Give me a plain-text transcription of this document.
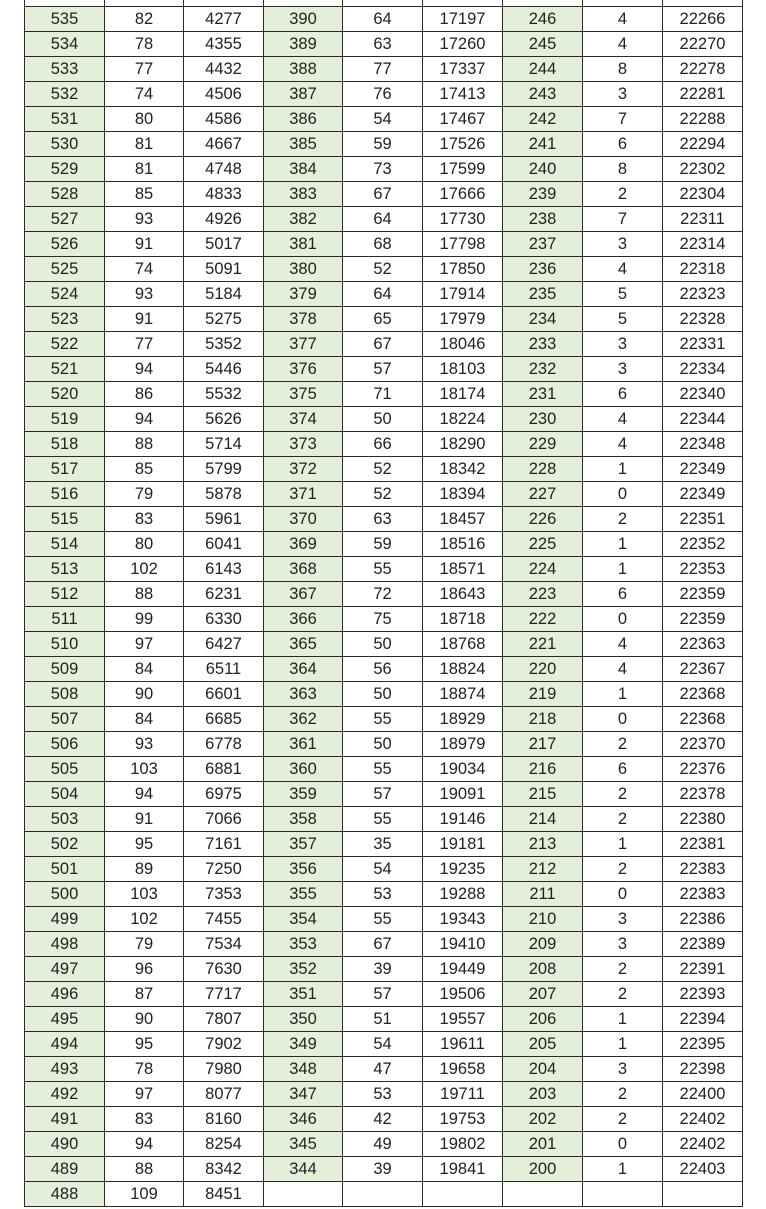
535	82	4277	390	64	17197	246	4	22266
534	78	4355	389	63	17260	245	4	22270
533	77	4432	388	77	17337	244	8	22278
532	74	4506	387	76	17413	243	3	22281
531	80	4586	386	54	17467	242	7	22288
530	81	4667	385	59	17526	241	6	22294
529	81	4748	384	73	17599	240	8	22302
528	85	4833	383	67	17666	239	2	22304
527	93	4926	382	64	17730	238	7	22311
526	91	5017	381	68	17798	237	3	22314
525	74	5091	380	52	17850	236	4	22318
524	93	5184	379	64	17914	235	5	22323
523	91	5275	378	65	17979	234	5	22328
522	77	5352	377	67	18046	233	3	22331
521	94	5446	376	57	18103	232	3	22334
520	86	5532	375	71	18174	231	6	22340
519	94	5626	374	50	18224	230	4	22344
518	88	5714	373	66	18290	229	4	22348
517	85	5799	372	52	18342	228	1	22349
516	79	5878	371	52	18394	227	0	22349
515	83	5961	370	63	18457	226	2	22351
514	80	6041	369	59	18516	225	1	22352
513	102	6143	368	55	18571	224	1	22353
512	88	6231	367	72	18643	223	6	22359
511	99	6330	366	75	18718	222	0	22359
510	97	6427	365	50	18768	221	4	22363
509	84	6511	364	56	18824	220	4	22367
508	90	6601	363	50	18874	219	1	22368
507	84	6685	362	55	18929	218	0	22368
506	93	6778	361	50	18979	217	2	22370
505	103	6881	360	55	19034	216	6	22376
504	94	6975	359	57	19091	215	2	22378
503	91	7066	358	55	19146	214	2	22380
502	95	7161	357	35	19181	213	1	22381
501	89	7250	356	54	19235	212	2	22383
500	103	7353	355	53	19288	211	0	22383
499	102	7455	354	55	19343	210	3	22386
498	79	7534	353	67	19410	209	3	22389
497	96	7630	352	39	19449	208	2	22391
496	87	7717	351	57	19506	207	2	22393
495	90	7807	350	51	19557	206	1	22394
494	95	7902	349	54	19611	205	1	22395
493	78	7980	348	47	19658	204	3	22398
492	97	8077	347	53	19711	203	2	22400
491	83	8160	346	42	19753	202	2	22402
490	94	8254	345	49	19802	201	0	22402
489	88	8342	344	39	19841	200	1	22403
488	109	8451						
